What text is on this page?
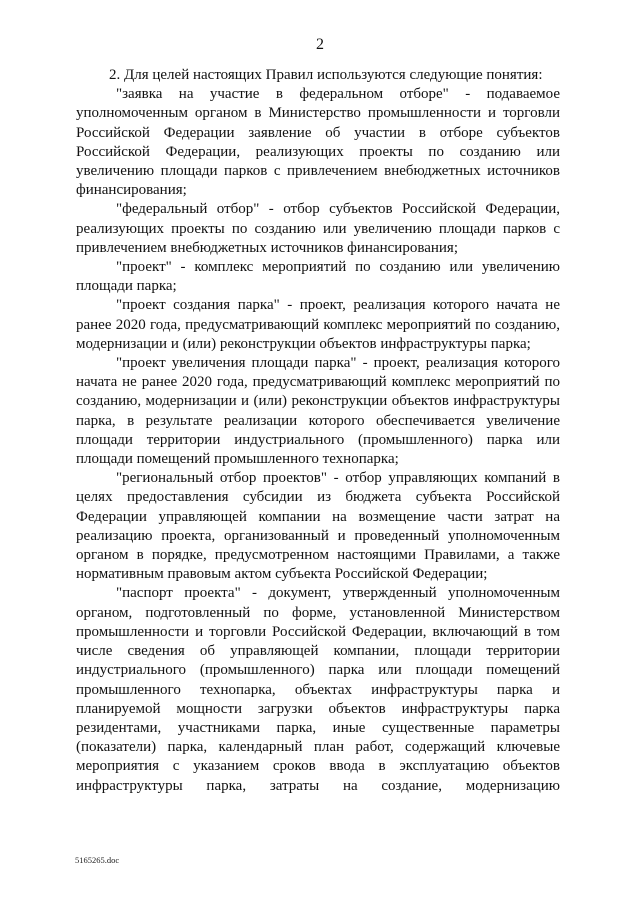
2

2. Для целей настоящих Правил используются следующие понятия:

"заявка на участие в федеральном отборе" - подаваемое уполномоченным органом в Министерство промышленности и торговли Российской Федерации заявление об участии в отборе субъектов Российской Федерации, реализующих проекты по созданию или увеличению площади парков с привлечением внебюджетных источников финансирования;

"федеральный отбор" - отбор субъектов Российской Федерации, реализующих проекты по созданию или увеличению площади парков с привлечением внебюджетных источников финансирования;

"проект" - комплекс мероприятий по созданию или увеличению площади парка;

"проект создания парка" - проект, реализация которого начата не ранее 2020 года, предусматривающий комплекс мероприятий по созданию, модернизации и (или) реконструкции объектов инфраструктуры парка;

"проект увеличения площади парка" - проект, реализация которого начата не ранее 2020 года, предусматривающий комплекс мероприятий по созданию, модернизации и (или) реконструкции объектов инфраструктуры парка, в результате реализации которого обеспечивается увеличение площади территории индустриального (промышленного) парка или площади помещений промышленного технопарка;

"региональный отбор проектов" - отбор управляющих компаний в целях предоставления субсидии из бюджета субъекта Российской Федерации управляющей компании на возмещение части затрат на реализацию проекта, организованный и проведенный уполномоченным органом в порядке, предусмотренном настоящими Правилами, а также нормативным правовым актом субъекта Российской Федерации;

"паспорт проекта" - документ, утвержденный уполномоченным органом, подготовленный по форме, установленной Министерством промышленности и торговли Российской Федерации, включающий в том числе сведения об управляющей компании, площади территории индустриального (промышленного) парка или площади помещений промышленного технопарка, объектах инфраструктуры парка и планируемой мощности загрузки объектов инфраструктуры парка резидентами, участниками парка, иные существенные параметры (показатели) парка, календарный план работ, содержащий ключевые мероприятия с указанием сроков ввода в эксплуатацию объектов инфраструктуры парка, затраты на создание, модернизацию

5165265.doc
